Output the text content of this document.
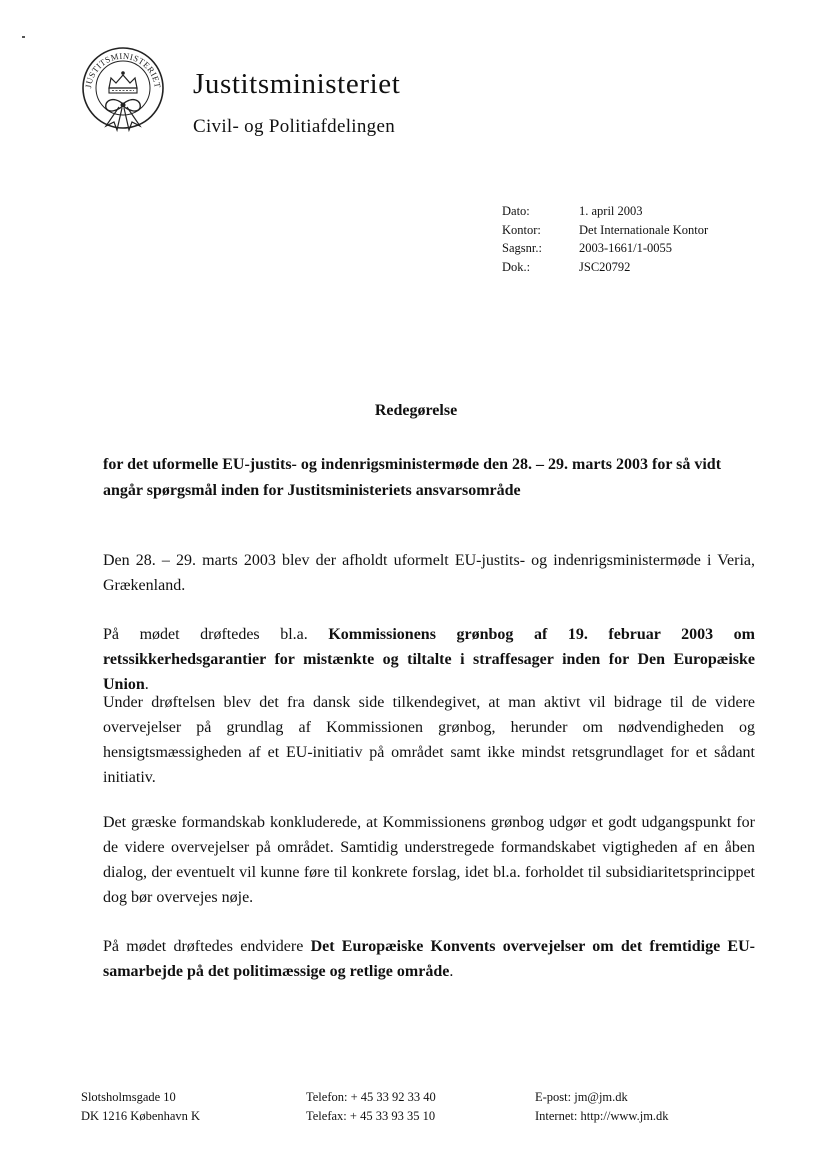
JUSTITSMINISTERIET Justitsministeriet
Civil- og Politiafdelingen
Dato:	1. april 2003
Kontor:	Det Internationale Kontor
Sagsnr.:	2003-1661/1-0055
Dok.:	JSC20792
Redegørelse
for det uformelle EU-justits- og indenrigsministermøde den 28. – 29. marts 2003 for så vidt angår spørgsmål inden for Justitsministeriets ansvarsområde
Den 28. – 29. marts 2003 blev der afholdt uformelt EU-justits- og indenrigsministermøde i Veria, Grækenland.
På mødet drøftedes bl.a. Kommissionens grønbog af 19. februar 2003 om retssikkerhedsgarantier for mistænkte og tiltalte i straffesager inden for Den Europæiske Union.
Under drøftelsen blev det fra dansk side tilkendegivet, at man aktivt vil bidrage til de videre overvejelser på grundlag af Kommissionen grønbog, herunder om nødvendigheden og hensigtsmæssigheden af et EU-initiativ på området samt ikke mindst retsgrundlaget for et sådant initiativ.
Det græske formandskab konkluderede, at Kommissionens grønbog udgør et godt udgangspunkt for de videre overvejelser på området. Samtidig understregede formandskabet vigtigheden af en åben dialog, der eventuelt vil kunne føre til konkrete forslag, idet bl.a. forholdet til subsidiaritetsprincippet dog bør overvejes nøje.
På mødet drøftedes endvidere Det Europæiske Konvents overvejelser om det fremtidige EU-samarbejde på det politimæssige og retlige område.
Slotsholmsgade 10
DK 1216 København K
Telefon: + 45 33 92 33 40
Telefax: + 45 33 93 35 10
E-post: jm@jm.dk
Internet: http://www.jm.dk
